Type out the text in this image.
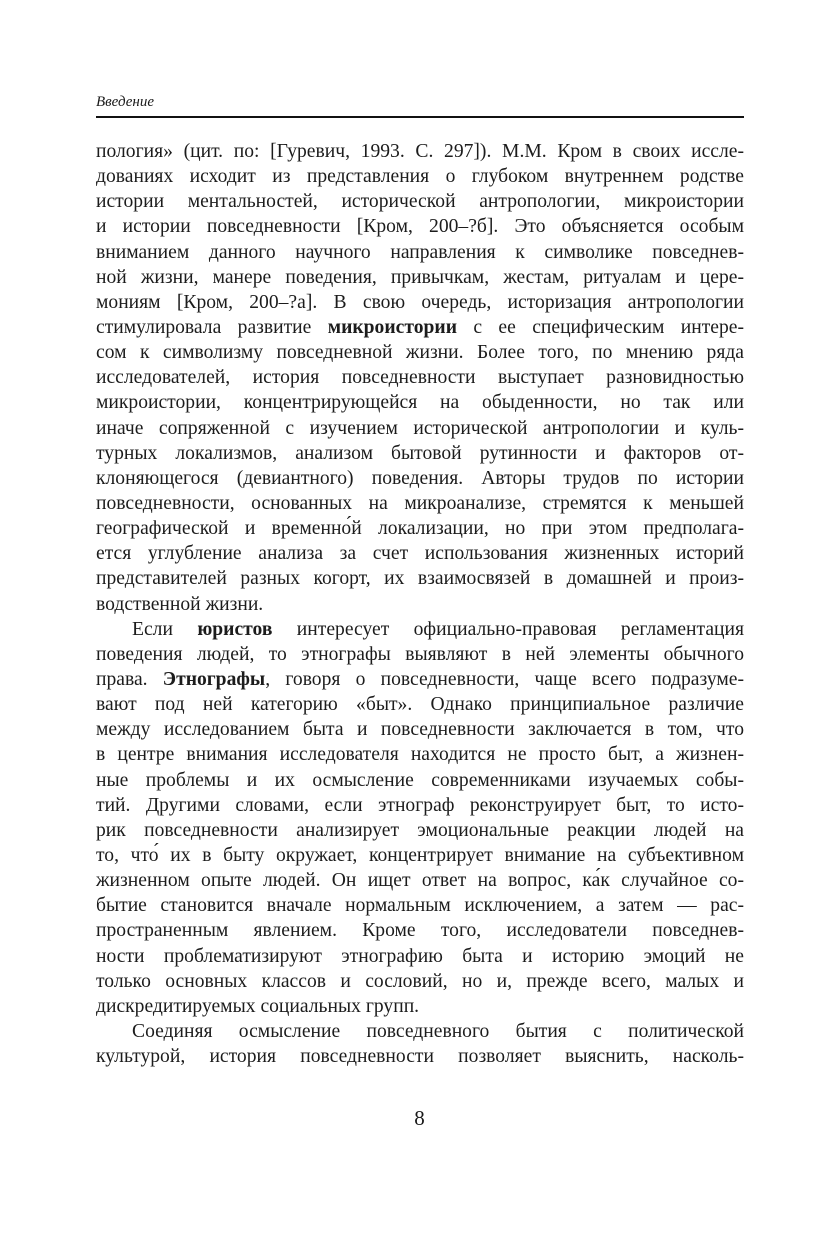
Введение
пология» (цит. по: [Гуревич, 1993. С. 297]). М.М. Кром в своих иссле-
дованиях исходит из представления о глубоком внутреннем родстве
истории ментальностей, исторической антропологии, микроистории
и истории повседневности [Кром, 200–?б]. Это объясняется особым
вниманием данного научного направления к символике повседнев-
ной жизни, манере поведения, привычкам, жестам, ритуалам и цере-
мониям [Кром, 200–?а]. В свою очередь, историзация антропологии
стимулировала развитие микроистории с ее специфическим интере-
сом к символизму повседневной жизни. Более того, по мнению ряда
исследователей, история повседневности выступает разновидностью
микроистории, концентрирующейся на обыденности, но так или
иначе сопряженной с изучением исторической антропологии и куль-
турных локализмов, анализом бытовой рутинности и факторов от-
клоняющегося (девиантного) поведения. Авторы трудов по истории
повседневности, основанных на микроанализе, стремятся к меньшей
географической и временно́й локализации, но при этом предполага-
ется углубление анализа за счет использования жизненных историй
представителей разных когорт, их взаимосвязей в домашней и произ-
водственной жизни.
Если юристов интересует официально-правовая регламентация
поведения людей, то этнографы выявляют в ней элементы обычного
права. Этнографы, говоря о повседневности, чаще всего подразуме-
вают под ней категорию «быт». Однако принципиальное различие
между исследованием быта и повседневности заключается в том, что
в центре внимания исследователя находится не просто быт, а жизнен-
ные проблемы и их осмысление современниками изучаемых собы-
тий. Другими словами, если этнограф реконструирует быт, то исто-
рик повседневности анализирует эмоциональные реакции людей на
то, что́ их в быту окружает, концентрирует внимание на субъективном
жизненном опыте людей. Он ищет ответ на вопрос, ка́к случайное со-
бытие становится вначале нормальным исключением, а затем — рас-
пространенным явлением. Кроме того, исследователи повседнев-
ности проблематизируют этнографию быта и историю эмоций не
только основных классов и сословий, но и, прежде всего, малых и
дискредитируемых социальных групп.
Соединяя осмысление повседневного бытия с политической
культурой, история повседневности позволяет выяснить, насколь-
8
